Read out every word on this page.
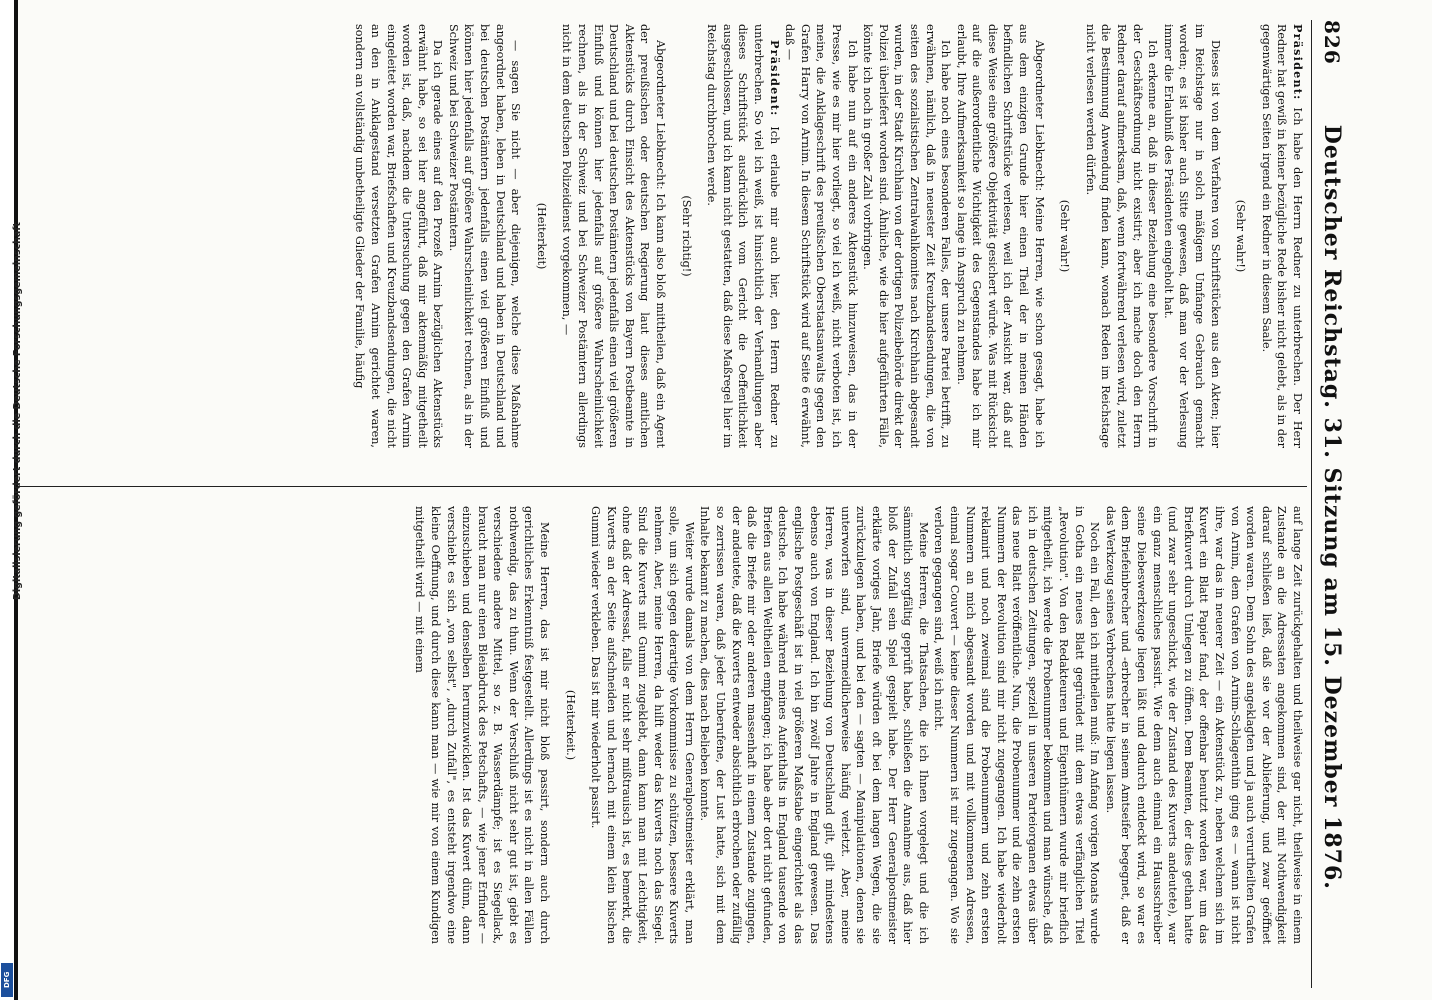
826
Deutscher Reichstag. 31. Sitzung am 15. Dezember 1876.

Präsident: Ich habe den Herrn Redner zu unterbrechen. Der Herr Redner hat gewiß in keiner bezügliche Rede bisher nicht gelebt, als in der gegenwärtigen Seiten irgend ein Redner in diesem Saale.

(Sehr wahr!)

Dieses ist von dem Verfahren von Schriftstücken aus den Akten; hier im Reichstage nur in solch mäßigem Umfange Gebrauch gemacht worden; es ist bisher auch Sitte gewesen, daß man vor der Verlesung immer die Erlaubniß des Präsidenten eingeholt hat.

Ich erkenne an, daß in dieser Beziehung eine besondere Vorschrift in der Geschäftsordnung nicht existirt; aber ich mache doch den Herrn Redner darauf aufmerksam, daß, wenn fortwährend verlesen wird, zuletzt die Bestimmung Anwendung finden kann, wonach Reden im Reichstage nicht verlesen werden dürfen.

(Sehr wahr!)

Abgeordneter Liebknecht: Meine Herren, wie schon gesagt, habe ich aus dem einzigen Grunde hier einen Theil der in meinen Händen befindlichen Schriftstücke verlesen, weil ich der Ansicht war, daß auf diese Weise eine größere Objektivität gesichert würde. Was mit Rücksicht auf die außerordentliche Wichtigkeit des Gegenstandes habe ich mir erlaubt, Ihre Aufmerksamkeit so lange in Anspruch zu nehmen.

Ich habe noch eines besonderen Falles, der unsere Partei betrifft, zu erwähnen, nämlich, daß in neuester Zeit Kreuzbandsendungen, die von seiten des sozialistischen Zentralwahlkomites nach Kirchhain abgesandt wurden, in der Stadt Kirchhain von der dortigen Polizeibehörde direkt der Polizei überliefert worden sind. Ähnliche, wie die hier aufgeführten Fälle, könnte ich noch in großer Zahl vorbringen.

Ich habe nun auf ein anderes Aktenstück hinzuweisen, das in der Presse, wie es mir hier vorliegt, so viel ich weiß, nicht verboten ist, ich meine, die Anklageschrift des preußischen Oberstaatsanwalts gegen den Grafen Harry von Arnim. In diesem Schriftstück wird auf Seite 6 erwähnt, daß —

Präsident: Ich erlaube mir auch hier, den Herrn Redner zu unterbrechen. So viel ich weiß, ist hinsichtlich der Verhandlungen aber dieses Schriftstück ausdrücklich vom Gericht die Oeffentlichkeit ausgeschlossen, und ich kann nicht gestatten, daß diese Maßregel hier im Reichstag durchbrochen werde.

(Sehr richtig!)

Abgeordneter Liebknecht: Ich kann also bloß mittheilen, daß ein Agent der preußischen oder deutschen Regierung laut dieses amtlichen Aktenstücks durch Einsicht des Aktenstücks von Bayern Postbeamte in Deutschland und bei deutschen Postämtern jedenfalls einen viel größeren Einfluß und können hier jedenfalls auf größere Wahrscheinlichkeit rechnen, als in der Schweiz und bei Schweizer Postämtern allerdings nicht in dem deutschen Polizeidienst vorgekommen, —

(Heiterkeit)

— sagen Sie nicht — aber diejenigen, welche diese Maßnahme angeordnet haben, leben in Deutschland und haben in Deutschland und bei deutschen Postämtern jedenfalls einen viel größeren Einfluß und können hier jedenfalls auf größere Wahrscheinlichkeit rechnen, als in der Schweiz und bei Schweizer Postämtern.

Da ich gerade eines auf den Prozeß Arnim bezüglichen Aktenstücks erwähnt habe, so sei hier angeführt, daß mir aktenmäßig mitgetheilt worden ist, daß, nachdem die Untersuchung gegen den Grafen Arnim eingeleitet worden war, Briefschaften und Kreuzbandsendungen, die nicht an den in Anklagestand versetzten Grafen Arnim gerichtet waren, sondern an vollständig unbetheiligte Glieder der Familie, häufig

auf lange Zeit zurückgehalten und theilweise gar nicht, theilweise in einem Zustande an die Adressaten angekommen sind, der mit Nothwendigkeit darauf schließen ließ, daß sie vor der Ablieferung, und zwar geöffnet worden waren. Dem Sohn des angeklagten und ja auch verurtheilten Grafen von Arnim, dem Grafen von Arnim-Schlagenthin ging es — wann ist nicht ihre, war das in neuerer Zeit — ein Aktenstück zu, neben welchem sich im Kuvert ein Blatt Papier fand, der offenbar benutzt worden war, um das Briefkuvert durch Umlegen zu öffnen. Dem Beamten, der dies gethan hatte (und zwar sehr ungeschickt, wie der Zustand des Kuverts andeutete), war ein ganz menschliches passirt. Wie denn auch einmal ein Hausschreiber seine Diebeswerkzeuge liegen läßt und dadurch entdeckt wird, so war es dem Briefeinbrecher und -erbrecher in seinem Amtseifer begegnet, daß er das Werkzeug seines Verbrechens hatte liegen lassen.

Noch ein Fall, den ich mittheilen muß: Im Anfang vorigen Monats wurde in Gotha ein neues Blatt gegründet mit dem etwas verfänglichen Titel „Revolution". Von den Redakteuren und Eigenthümern wurde mir brieflich mitgetheilt, ich werde die Probenummer bekommen und man wünsche, daß ich in deutschen Zeitungen, speziell in unseren Parteiorganen etwas über das neue Blatt veröffentliche. Nun, die Probenummer und die zehn ersten Nummern der Revolution sind mir nicht zugegangen. Ich habe wiederholt reklamirt und noch zweimal sind die Probenummern und zehn ersten Nummern an mich abgesandt worden und mit vollkommenen Adressen, einmal sogar Couvert — keine dieser Nummern ist mir zugegangen. Wo sie verloren gegangen sind, weiß ich nicht.

Meine Herren, die Thatsachen, die ich Ihnen vorgelegt und die ich sämmtlich sorgfältig geprüft habe, schließen die Annahme aus, daß hier bloß der Zufall sein Spiel gespielt habe. Der Herr Generalpostmeister erklärte voriges Jahr, Briefe würden oft bei dem langen Wegen, die sie zurückzulegen haben, und bei den — sagten — Manipulationen, denen sie unterworfen sind, unvermeidlicherweise häufig verletzt. Aber, meine Herren, was in dieser Beziehung von Deutschland gilt, gilt mindestens ebenso auch von England. Ich bin zwölf Jahre in England gewesen. Das englische Postgeschäft ist in viel größeren Maßstabe eingerichtet als das deutsche. Ich habe während meines Aufenthalts in England tausende von Briefen aus allen Weltheilen empfangen; ich habe aber dort nicht gefunden, daß die Briefe mir oder anderen massenhaft in einem Zustande zugingen, der andeutete, daß die Kuverts entweder absichtlich erbrochen oder zufällig so zerrissen waren, daß jeder Unberufene, der Lust hatte, sich mit dem Inhalte bekannt zu machen, dies nach Belieben konnte.

Weiter wurde damals von dem Herrn Generalpostmeister erklärt, man solle, um sich gegen derartige Vorkommnisse zu schützen, bessere Kuverts nehmen. Aber, meine Herren, da hilft weder das Kuverts noch das Siegel. Sind die Kuverts mit Gummi zugeklebt, dann kann man mit Leichtigkeit, ohne daß der Adressat, falls er nicht sehr mißtrauisch ist, es bemerkt, die Kuverts an der Seite aufschneiden und hernach mit einem klein bischen Gummi wieder verkleben. Das ist mir wiederholt passirt.

(Heiterkeit.)

Meine Herren, das ist mir nicht bloß passirt, sondern auch durch gerichtliches Erkenntniß festgestellt. Allerdings ist es nicht in allen Fällen nothwendig, das zu thun. Wenn der Verschluß nicht sehr gut ist, giebt es verschiedene andere Mittel, so z. B. Wasserdämpfe; ist es Siegellack, braucht man nur einen Bleiabdruck des Petschafts, — wie jener Erfinder — einzuschieben und denselben herumzuwicklen. Ist das Kuvert dünn, dann verschiebt es sich „von selbst", „durch Zufall", es entsteht irgendwo eine kleine Oeffnung, und durch diese kann man — wie mir von einem Kundigen mitgetheilt wird — mit einem

Digitalisierung gefördert durch die Deutsche Forschungsgemeinschaft
DFG
